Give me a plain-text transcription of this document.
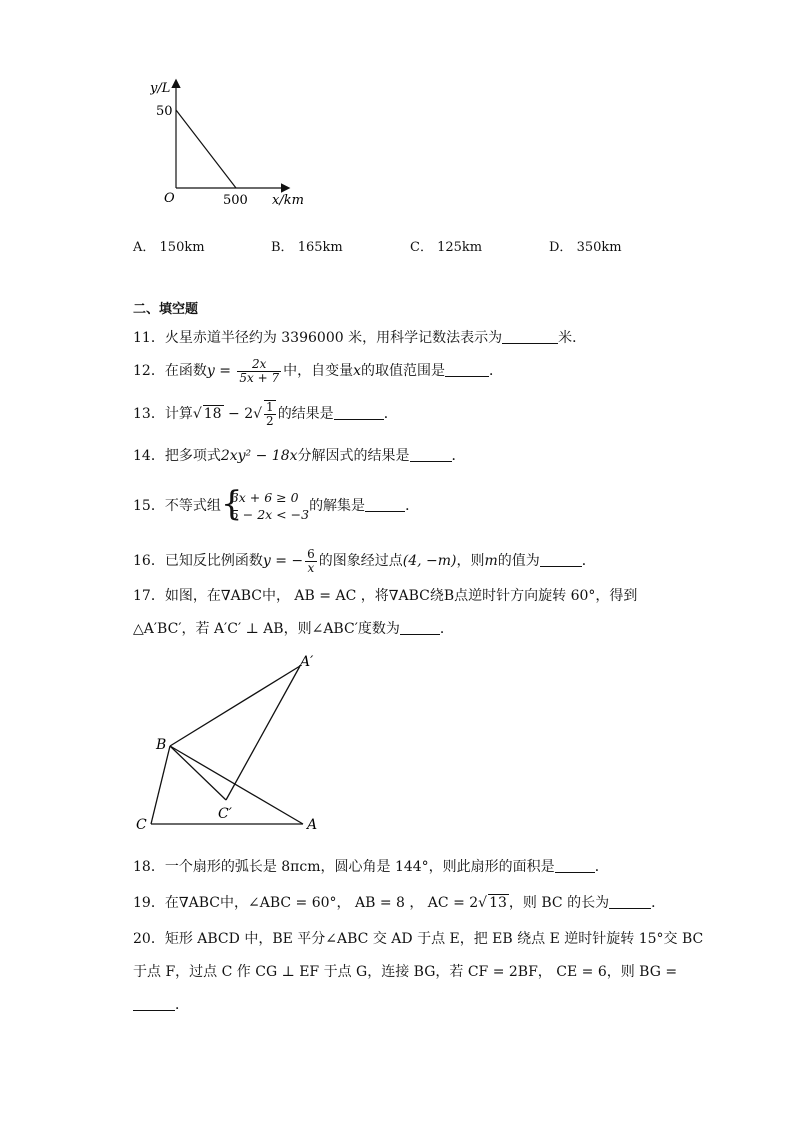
y/L
50
O	500 x/km
A． 150km	B． 165km	C． 125km	D． 350km
二、填空题
11．火星赤道半径约为 3396000 米，用科学记数法表示为	米．
12．在函数$y = \frac{2x}{5x + 7}$ 中，自变量x的取值范围是	．
13．计算√ $18 - 2√ \frac{1}{2}$ 的结果是	．
14．把多项式2xy² − 18x分解因式的结果是	．
15．不等式组 {
3x + 6 ≥ 0
5 − 2x < −3
的解集是	．
16．已知反比例函数y = − $\frac{6}{x}$ 的图象经过点(4, −m)，则m的值为	．
17．如图，在∇ABC中， AB = AC ，将∇ABC绕B点逆时针方向旋转 60°，得到
△A′BC′，若 A′C′ ⊥ AB，则∠ABC′度数为	．
A′
B
C′
C	A
18．一个扇形的弧长是 8πcm，圆心角是 144°，则此扇形的面积是	．
19．在∇ABC中，∠ABC = 60°， AB = 8 ， AC = 2√ 13 ，则 BC 的长为	．
20．矩形 ABCD 中，BE 平分∠ABC 交 AD 于点 E，把 EB 绕点 E 逆时针旋转 15°交 BC
于点 F，过点 C 作 CG ⊥ EF 于点 G，连接 BG，若 CF = 2BF， CE = 6，则 BG =
．
